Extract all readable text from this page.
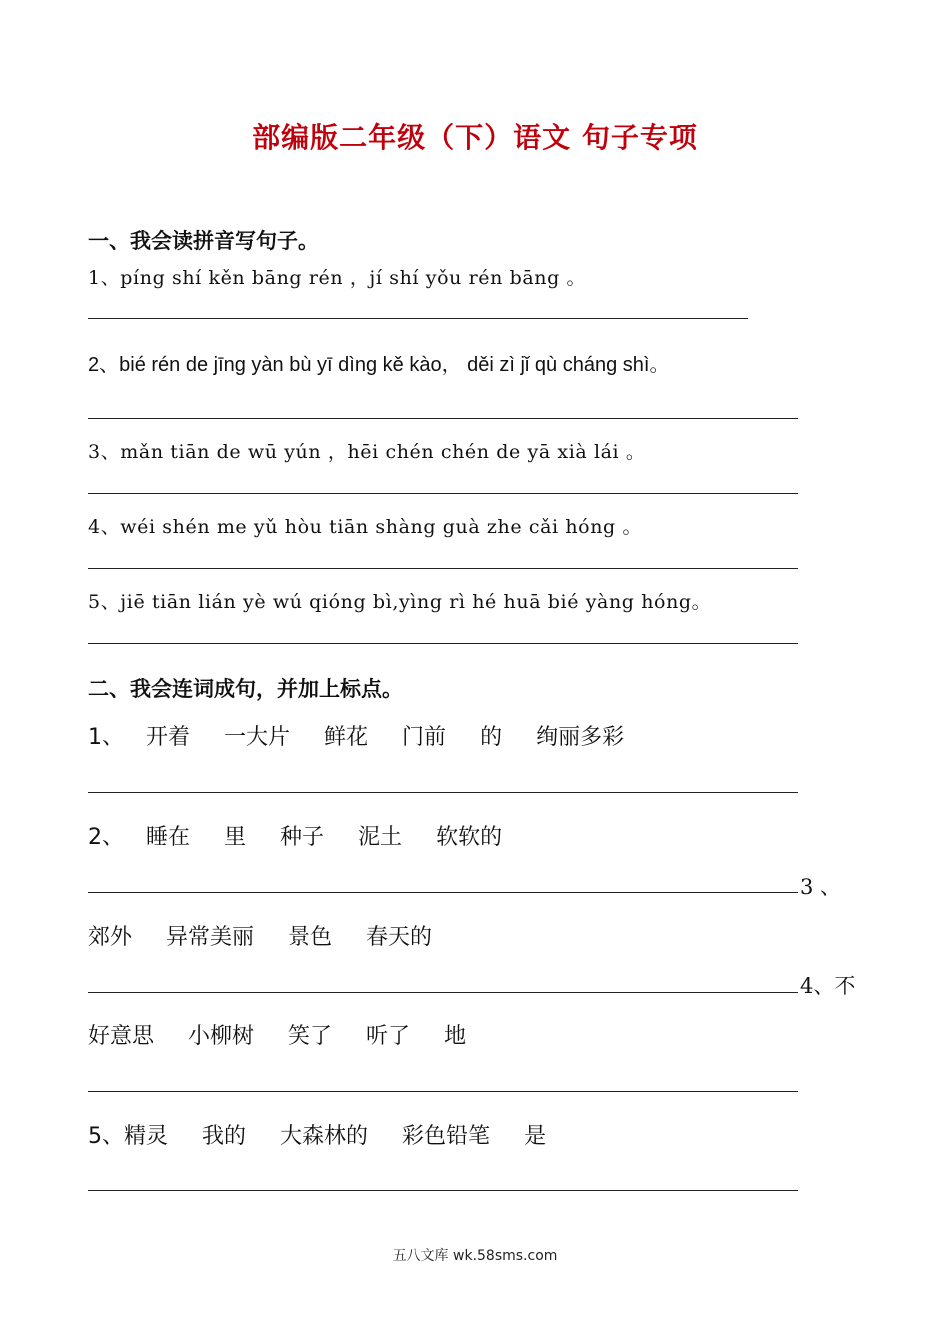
部编版二年级（下）语文 句子专项
一、我会读拼音写句子。
1、píng shí kěn bāng rén ，jí shí yǒu rén bāng 。
2、bié rén de jīng yàn bù yī dìng kě kào， děi zì jǐ qù cháng shì。
3、mǎn tiān de wū yún ，hēi chén chén de yā xià lái 。
4、wéi shén me yǔ hòu tiān shàng guà zhe cǎi hóng 。
5、jiē tiān lián yè wú qióng bì,yìng rì hé huā bié yàng hóng。
二、我会连词成句，并加上标点。
1、 开着 一大片 鲜花 门前 的 绚丽多彩
2、 睡在 里 种子 泥土 软软的
3 、
郊外 异常美丽 景色 春天的
4、不
好意思 小柳树 笑了 听了 地
5、精灵 我的 大森林的 彩色铅笔 是
五八文库 wk.58sms.com
